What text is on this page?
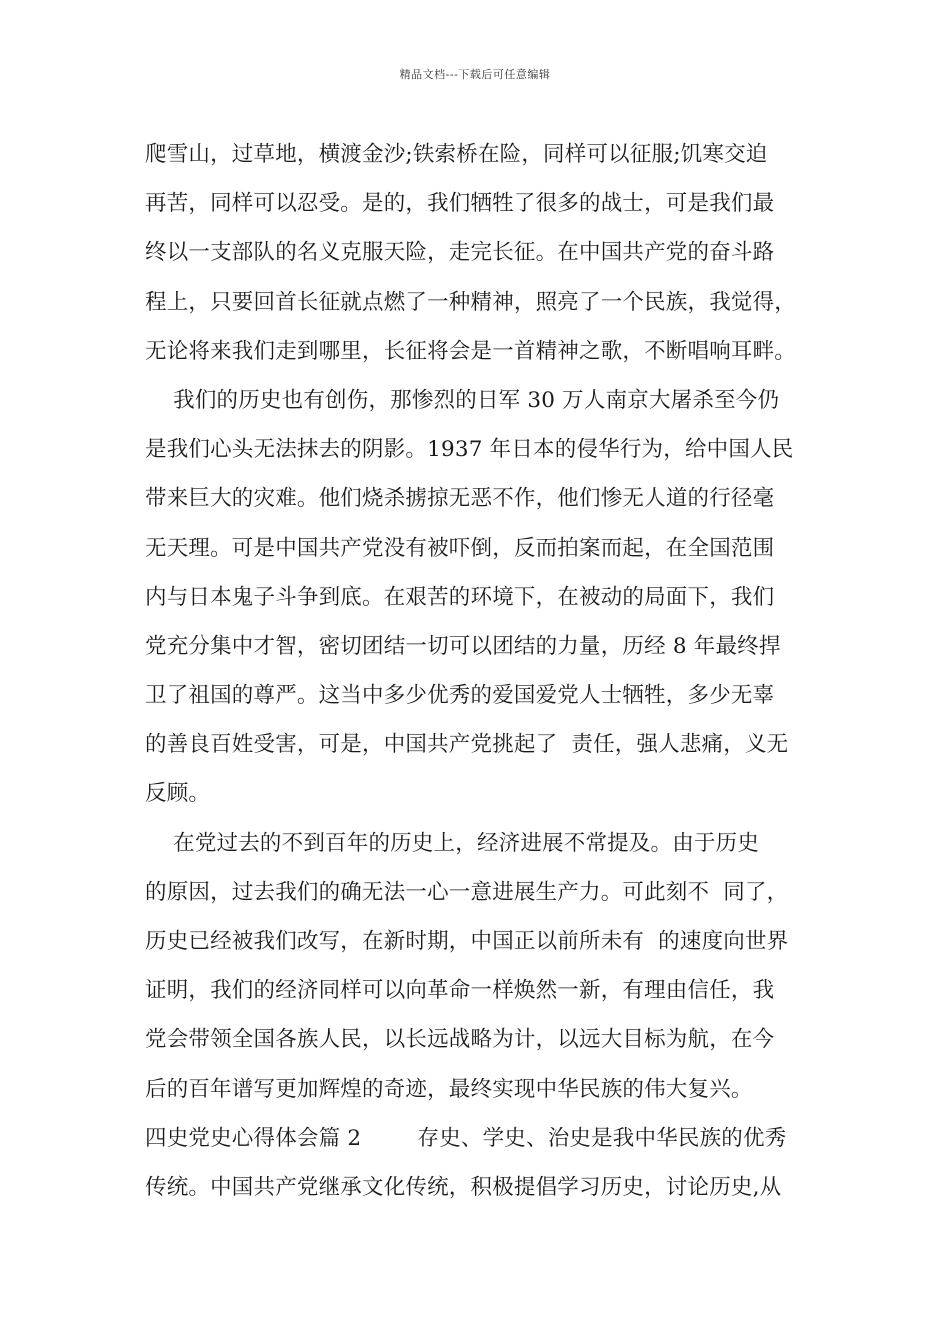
精品文档---下载后可任意编辑
爬雪山，过草地，横渡金沙;铁索桥在险，同样可以征服;饥寒交迫
再苦，同样可以忍受。是的，我们牺牲了很多的战士，可是我们最
终以一支部队的名义克服天险，走完长征。在中国共产党的奋斗路
程上，只要回首长征就点燃了一种精神，照亮了一个民族，我觉得，
无论将来我们走到哪里，长征将会是一首精神之歌，不断唱响耳畔。
我们的历史也有创伤，那惨烈的日军 30 万人南京大屠杀至今仍
是我们心头无法抹去的阴影。1937 年日本的侵华行为，给中国人民
带来巨大的灾难。他们烧杀掳掠无恶不作，他们惨无人道的行径毫
无天理。可是中国共产党没有被吓倒，反而拍案而起，在全国范围
内与日本鬼子斗争到底。在艰苦的环境下，在被动的局面下，我们
党充分集中才智，密切团结一切可以团结的力量，历经 8 年最终捍
卫了祖国的尊严。这当中多少优秀的爱国爱党人士牺牲，多少无辜
的善良百姓受害，可是，中国共产党挑起了  责任，强人悲痛，义无
反顾。
在党过去的不到百年的历史上，经济进展不常提及。由于历史
的原因，过去我们的确无法一心一意进展生产力。可此刻不  同了，
历史已经被我们改写，在新时期，中国正以前所未有  的速度向世界
证明，我们的经济同样可以向革命一样焕然一新，有理由信任，我
党会带领全国各族人民，以长远战略为计，以远大目标为航，在今
后的百年谱写更加辉煌的奇迹，最终实现中华民族的伟大复兴。
四史党史心得体会篇 2        存史、学史、治史是我中华民族的优秀
传统。中国共产党继承文化传统，积极提倡学习历史，讨论历史,从
